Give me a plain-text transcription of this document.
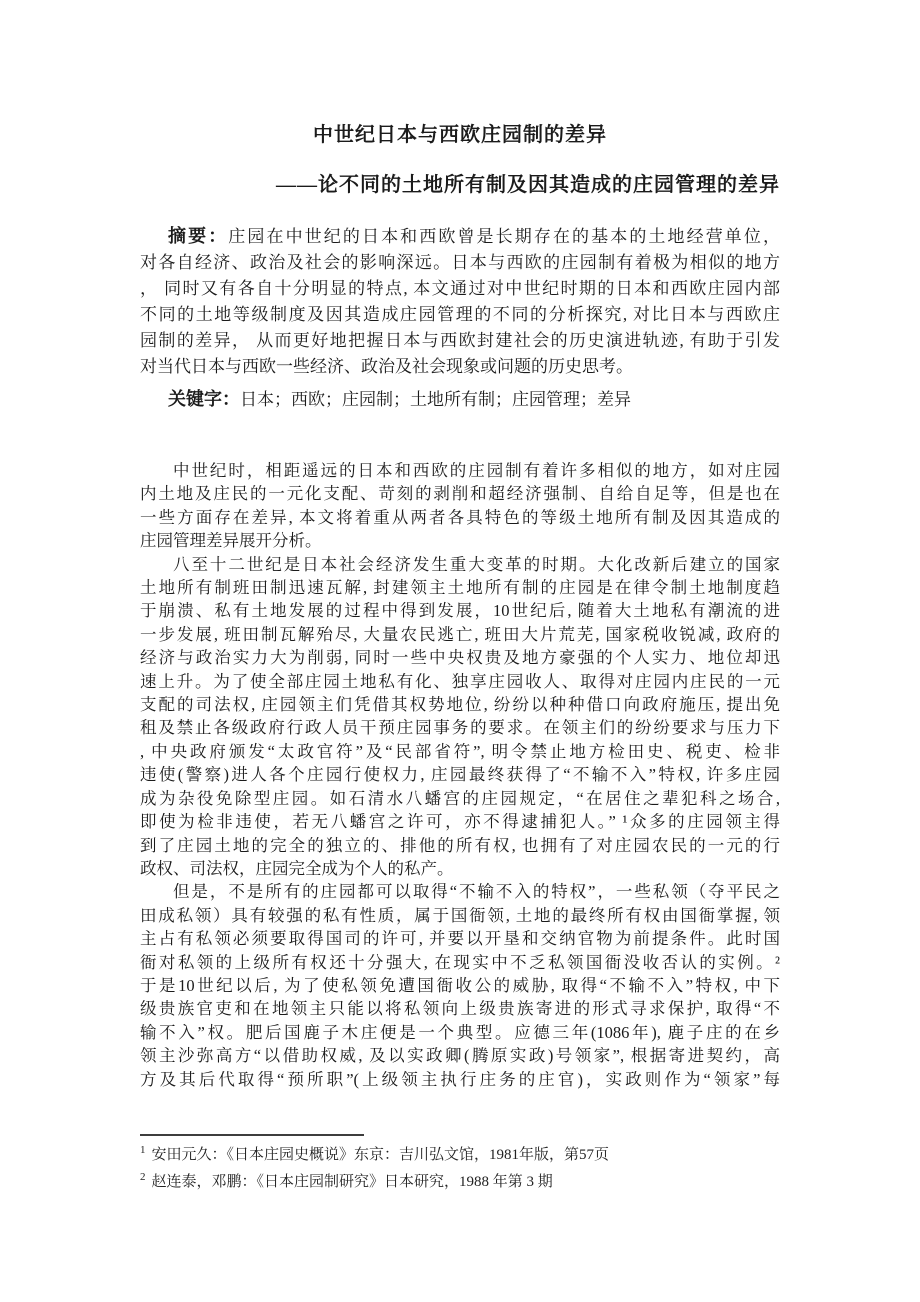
中世纪日本与西欧庄园制的差异
——论不同的土地所有制及因其造成的庄园管理的差异
摘要：庄园在中世纪的日本和西欧曾是长期存在的基本的土地经营单位，
对各自经济、政治及社会的影响深远。日本与西欧的庄园制有着极为相似的地方
， 同时又有各自十分明显的特点, 本文通过对中世纪时期的日本和西欧庄园内部
不同的土地等级制度及因其造成庄园管理的不同的分析探究, 对比日本与西欧庄
园制的差异， 从而更好地把握日本与西欧封建社会的历史演进轨迹, 有助于引发
对当代日本与西欧一些经济、政治及社会现象或问题的历史思考。
关键字：日本；西欧；庄园制；土地所有制；庄园管理；差异
中世纪时，相距遥远的日本和西欧的庄园制有着许多相似的地方，如对庄园
内土地及庄民的一元化支配、苛刻的剥削和超经济强制、自给自足等，但是也在
一些方面存在差异, 本文将着重从两者各具特色的等级土地所有制及因其造成的
庄园管理差异展开分析。
八至十二世纪是日本社会经济发生重大变革的时期。大化改新后建立的国家
土地所有制班田制迅速瓦解, 封建领主土地所有制的庄园是在律令制土地制度趋
于崩溃、私有土地发展的过程中得到发展，10世纪后, 随着大土地私有潮流的进
一步发展, 班田制瓦解殆尽, 大量农民逃亡, 班田大片荒芜, 国家税收锐减, 政府的
经济与政治实力大为削弱, 同时一些中央权贵及地方豪强的个人实力、地位却迅
速上升。为了使全部庄园土地私有化、独享庄园收人、取得对庄园内庄民的一元
支配的司法权, 庄园领主们凭借其权势地位, 纷纷以种种借口向政府施压, 提出免
租及禁止各级政府行政人员干预庄园事务的要求。在领主们的纷纷要求与压力下
, 中央政府颁发“太政官符”及“民部省符”, 明令禁止地方检田史、税吏、检非
违使(警察)进人各个庄园行使权力, 庄园最终获得了“不输不入”特权, 许多庄园
成为杂役免除型庄园。如石清水八蟠宫的庄园规定，“在居住之辈犯科之场合,
即使为检非违使，若无八蟠宫之许可，亦不得逮捕犯人。” ¹众多的庄园领主得
到了庄园土地的完全的独立的、排他的所有权, 也拥有了对庄园农民的一元的行
政权、司法权，庄园完全成为个人的私产。
但是，不是所有的庄园都可以取得“不输不入的特权”，一些私领（夺平民之
田成私领）具有较强的私有性质，属于国衙领, 土地的最终所有权由国衙掌握, 领
主占有私领必须要取得国司的许可, 并要以开垦和交纳官物为前提条件。此时国
衙对私领的上级所有权还十分强大, 在现实中不乏私领国衙没收否认的实例。²
于是10世纪以后, 为了使私领免遭国衙收公的威胁, 取得“不输不入”特权, 中下
级贵族官吏和在地领主只能以将私领向上级贵族寄进的形式寻求保护, 取得“不
输不入”权。肥后国鹿子木庄便是一个典型。应德三年(1086年), 鹿子庄的在乡
领主沙弥高方“以借助权威, 及以实政卿(腾原实政)号领家”, 根据寄进契约，高
方及其后代取得“预所职”(上级领主执行庄务的庄官)，实政则作为“领家”每
$^1$ 安田元久：《日本庄园史概说》东京：吉川弘文馆，1981年版，第57页
$^2$ 赵连泰，邓鹏：《日本庄园制研究》日本研究，1988 年第 3 期
